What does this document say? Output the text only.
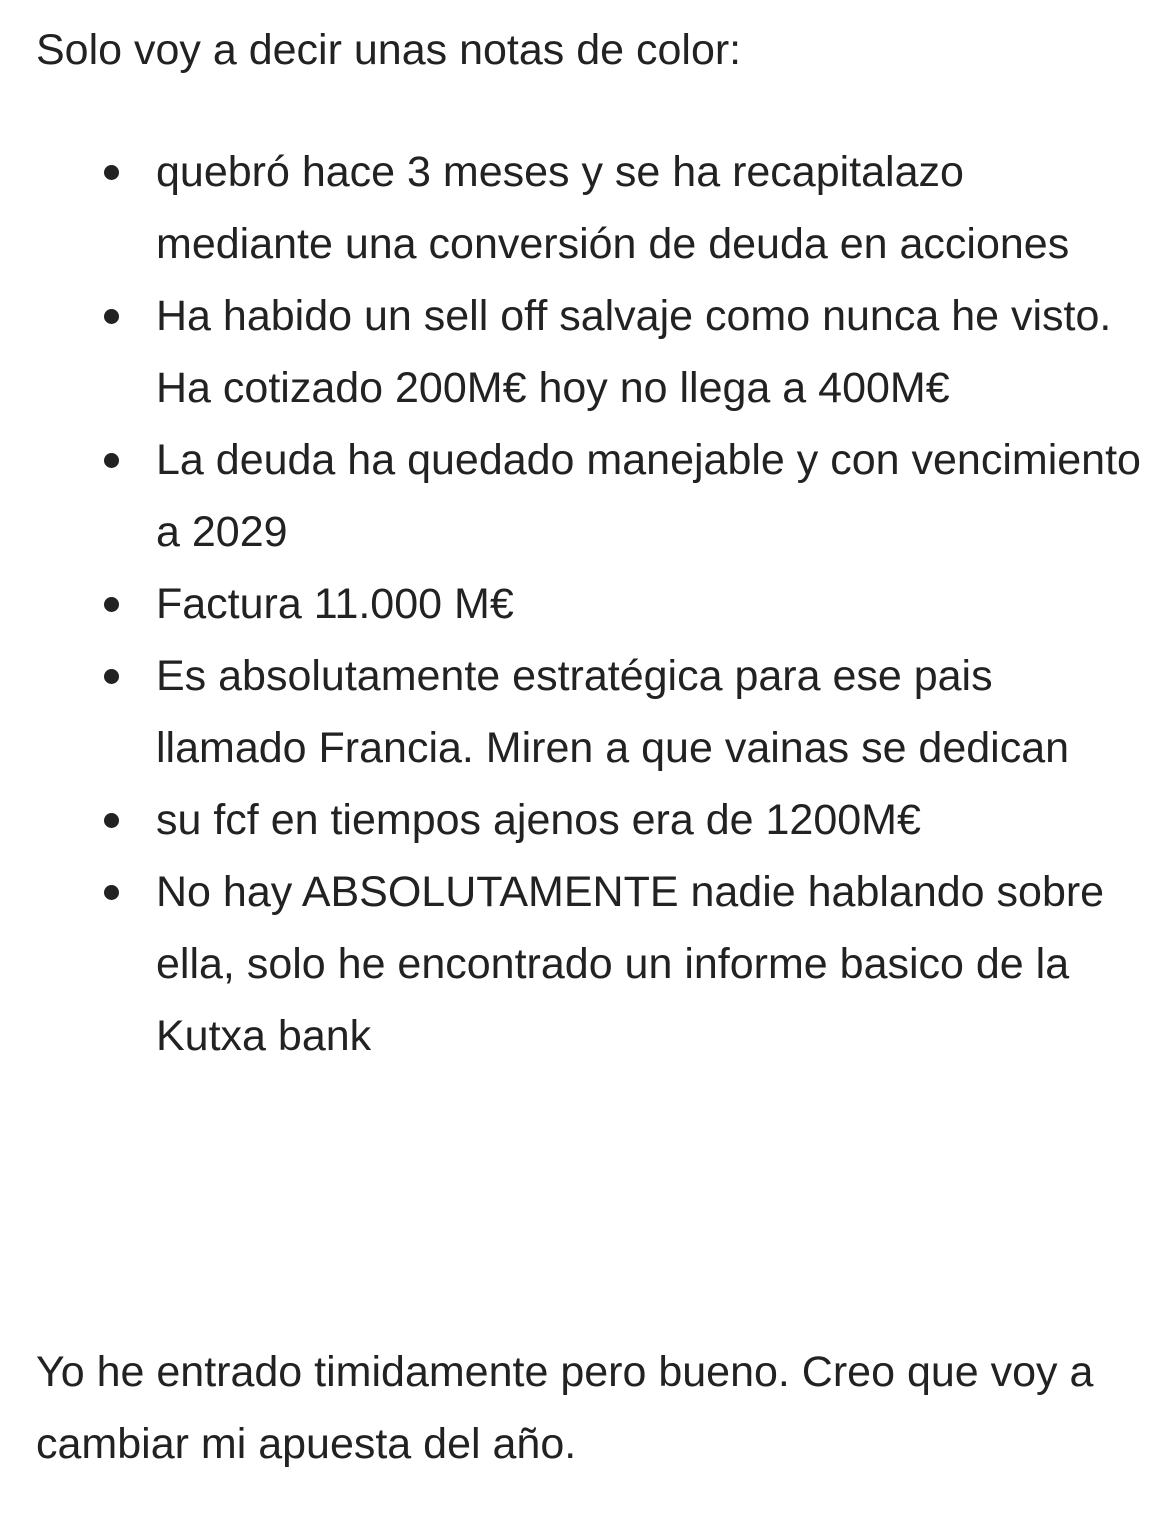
Solo voy a decir unas notas de color:

quebró hace 3 meses y se ha recapitalazo mediante una conversión de deuda en acciones
Ha habido un sell off salvaje como nunca he visto. Ha cotizado 200M€ hoy no llega a 400M€
La deuda ha quedado manejable y con vencimiento a 2029
Factura 11.000 M€
Es absolutamente estratégica para ese pais llamado Francia. Miren a que vainas se dedican
su fcf en tiempos ajenos era de 1200M€
No hay ABSOLUTAMENTE nadie hablando sobre ella, solo he encontrado un informe basico de la Kutxa bank

Yo he entrado timidamente pero bueno. Creo que voy a cambiar mi apuesta del año.
